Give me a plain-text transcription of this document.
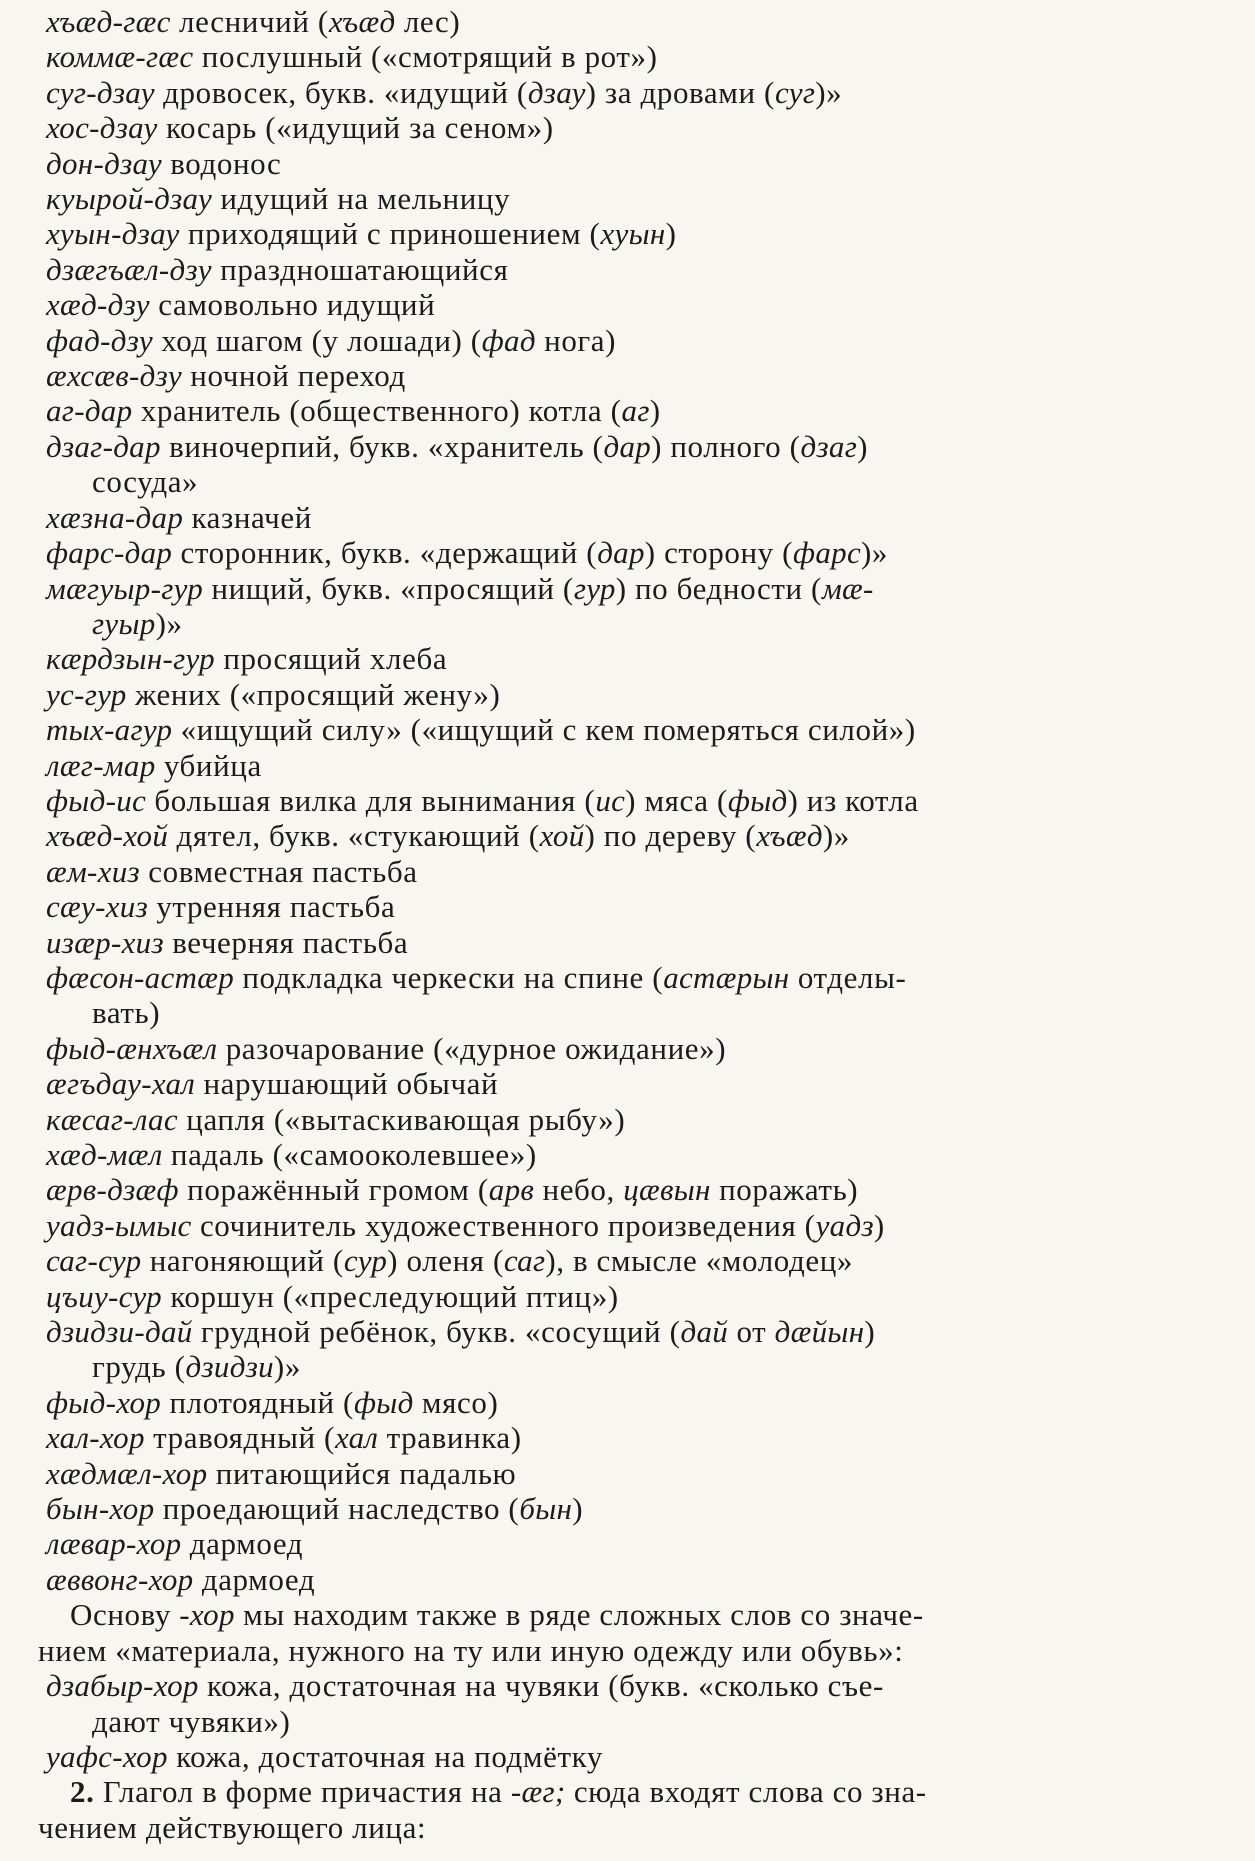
хъæд-гæс лесничий (хъæд лес)
коммæ-гæс послушный («смотрящий в рот»)
суг-дзау дровосек, букв. «идущий (дзау) за дровами (суг)»
хос-дзау косарь («идущий за сеном»)
дон-дзау водонос
куырой-дзау идущий на мельницу
хуын-дзау приходящий с приношением (хуын)
дзæгъæл-дзу праздношатающийся
хæд-дзу самовольно идущий
фад-дзу ход шагом (у лошади) (фад нога)
æхсæв-дзу ночной переход
аг-дар хранитель (общественного) котла (аг)
дзаг-дар виночерпий, букв. «хранитель (дар) полного (дзаг)
сосуда»
хæзна-дар казначей
фарс-дар сторонник, букв. «держащий (дар) сторону (фарс)»
мæгуыр-гур нищий, букв. «просящий (гур) по бедности (мæ-
гуыр)»
кæрдзын-гур просящий хлеба
ус-гур жених («просящий жену»)
тых-агур «ищущий силу» («ищущий с кем померяться силой»)
лæг-мар убийца
фыд-ис большая вилка для вынимания (ис) мяса (фыд) из котла
хъæд-хой дятел, букв. «стукающий (хой) по дереву (хъæд)»
æм-хиз совместная пастьба
сæу-хиз утренняя пастьба
изæр-хиз вечерняя пастьба
фæсон-астæр подкладка черкески на спине (астæрын отделы-
вать)
фыд-æнхъæл разочарование («дурное ожидание»)
æгъдау-хал нарушающий обычай
кæсаг-лас цапля («вытаскивающая рыбу»)
хæд-мæл падаль («самооколевшее»)
æрв-дзæф поражённый громом (арв небо, цæвын поражать)
уадз-ымыс сочинитель художественного произведения (уадз)
саг-сур нагоняющий (сур) оленя (саг), в смысле «молодец»
цъиу-сур коршун («преследующий птиц»)
дзидзи-дай грудной ребёнок, букв. «сосущий (дай от дæйын)
грудь (дзидзи)»
фыд-хор плотоядный (фыд мясо)
хал-хор травоядный (хал травинка)
хæдмæл-хор питающийся падалью
бын-хор проедающий наследство (бын)
лæвар-хор дармоед
æввонг-хор дармоед
Основу -хор мы находим также в ряде сложных слов со значе-
нием «материала, нужного на ту или иную одежду или обувь»:
дзабыр-хор кожа, достаточная на чувяки (букв. «сколько съе-
дают чувяки»)
уафс-хор кожа, достаточная на подмётку
2. Глагол в форме причастия на -æг; сюда входят слова со зна-
чением действующего лица:
